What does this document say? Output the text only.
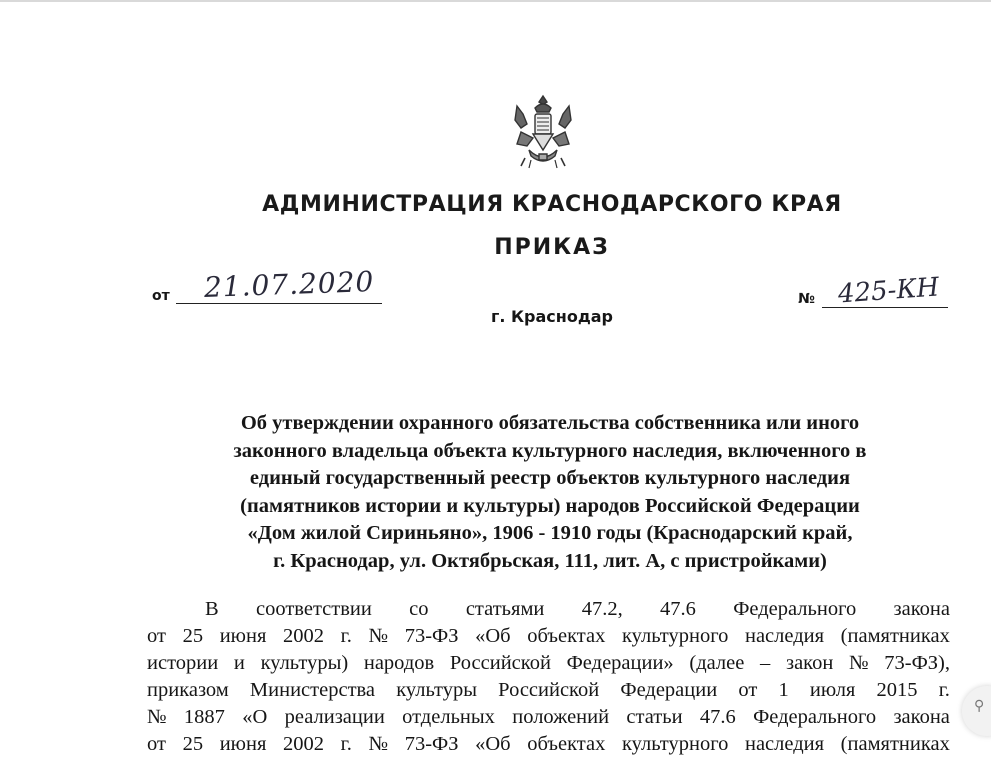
АДМИНИСТРАЦИЯ КРАСНОДАРСКОГО КРАЯ
ПРИКАЗ
от 21.07.2020
г. Краснодар
№ 425-КН
Об утверждении охранного обязательства собственника или иного
законного владельца объекта культурного наследия, включенного в
единый государственный реестр объектов культурного наследия
(памятников истории и культуры) народов Российской Федерации
«Дом жилой Сириньяно», 1906 - 1910 годы (Краснодарский край,
г. Краснодар, ул. Октябрьская, 111, лит. А, с пристройками)
В соответствии со статьями 47.2, 47.6 Федерального закона
от 25 июня 2002 г. № 73-ФЗ «Об объектах культурного наследия (памятниках
истории и культуры) народов Российской Федерации» (далее – закон № 73-ФЗ),
приказом Министерства культуры Российской Федерации от 1 июля 2015 г.
№ 1887 «О реализации отдельных положений статьи 47.6 Федерального закона
от 25 июня 2002 г. № 73-ФЗ «Об объектах культурного наследия (памятниках
⚲
